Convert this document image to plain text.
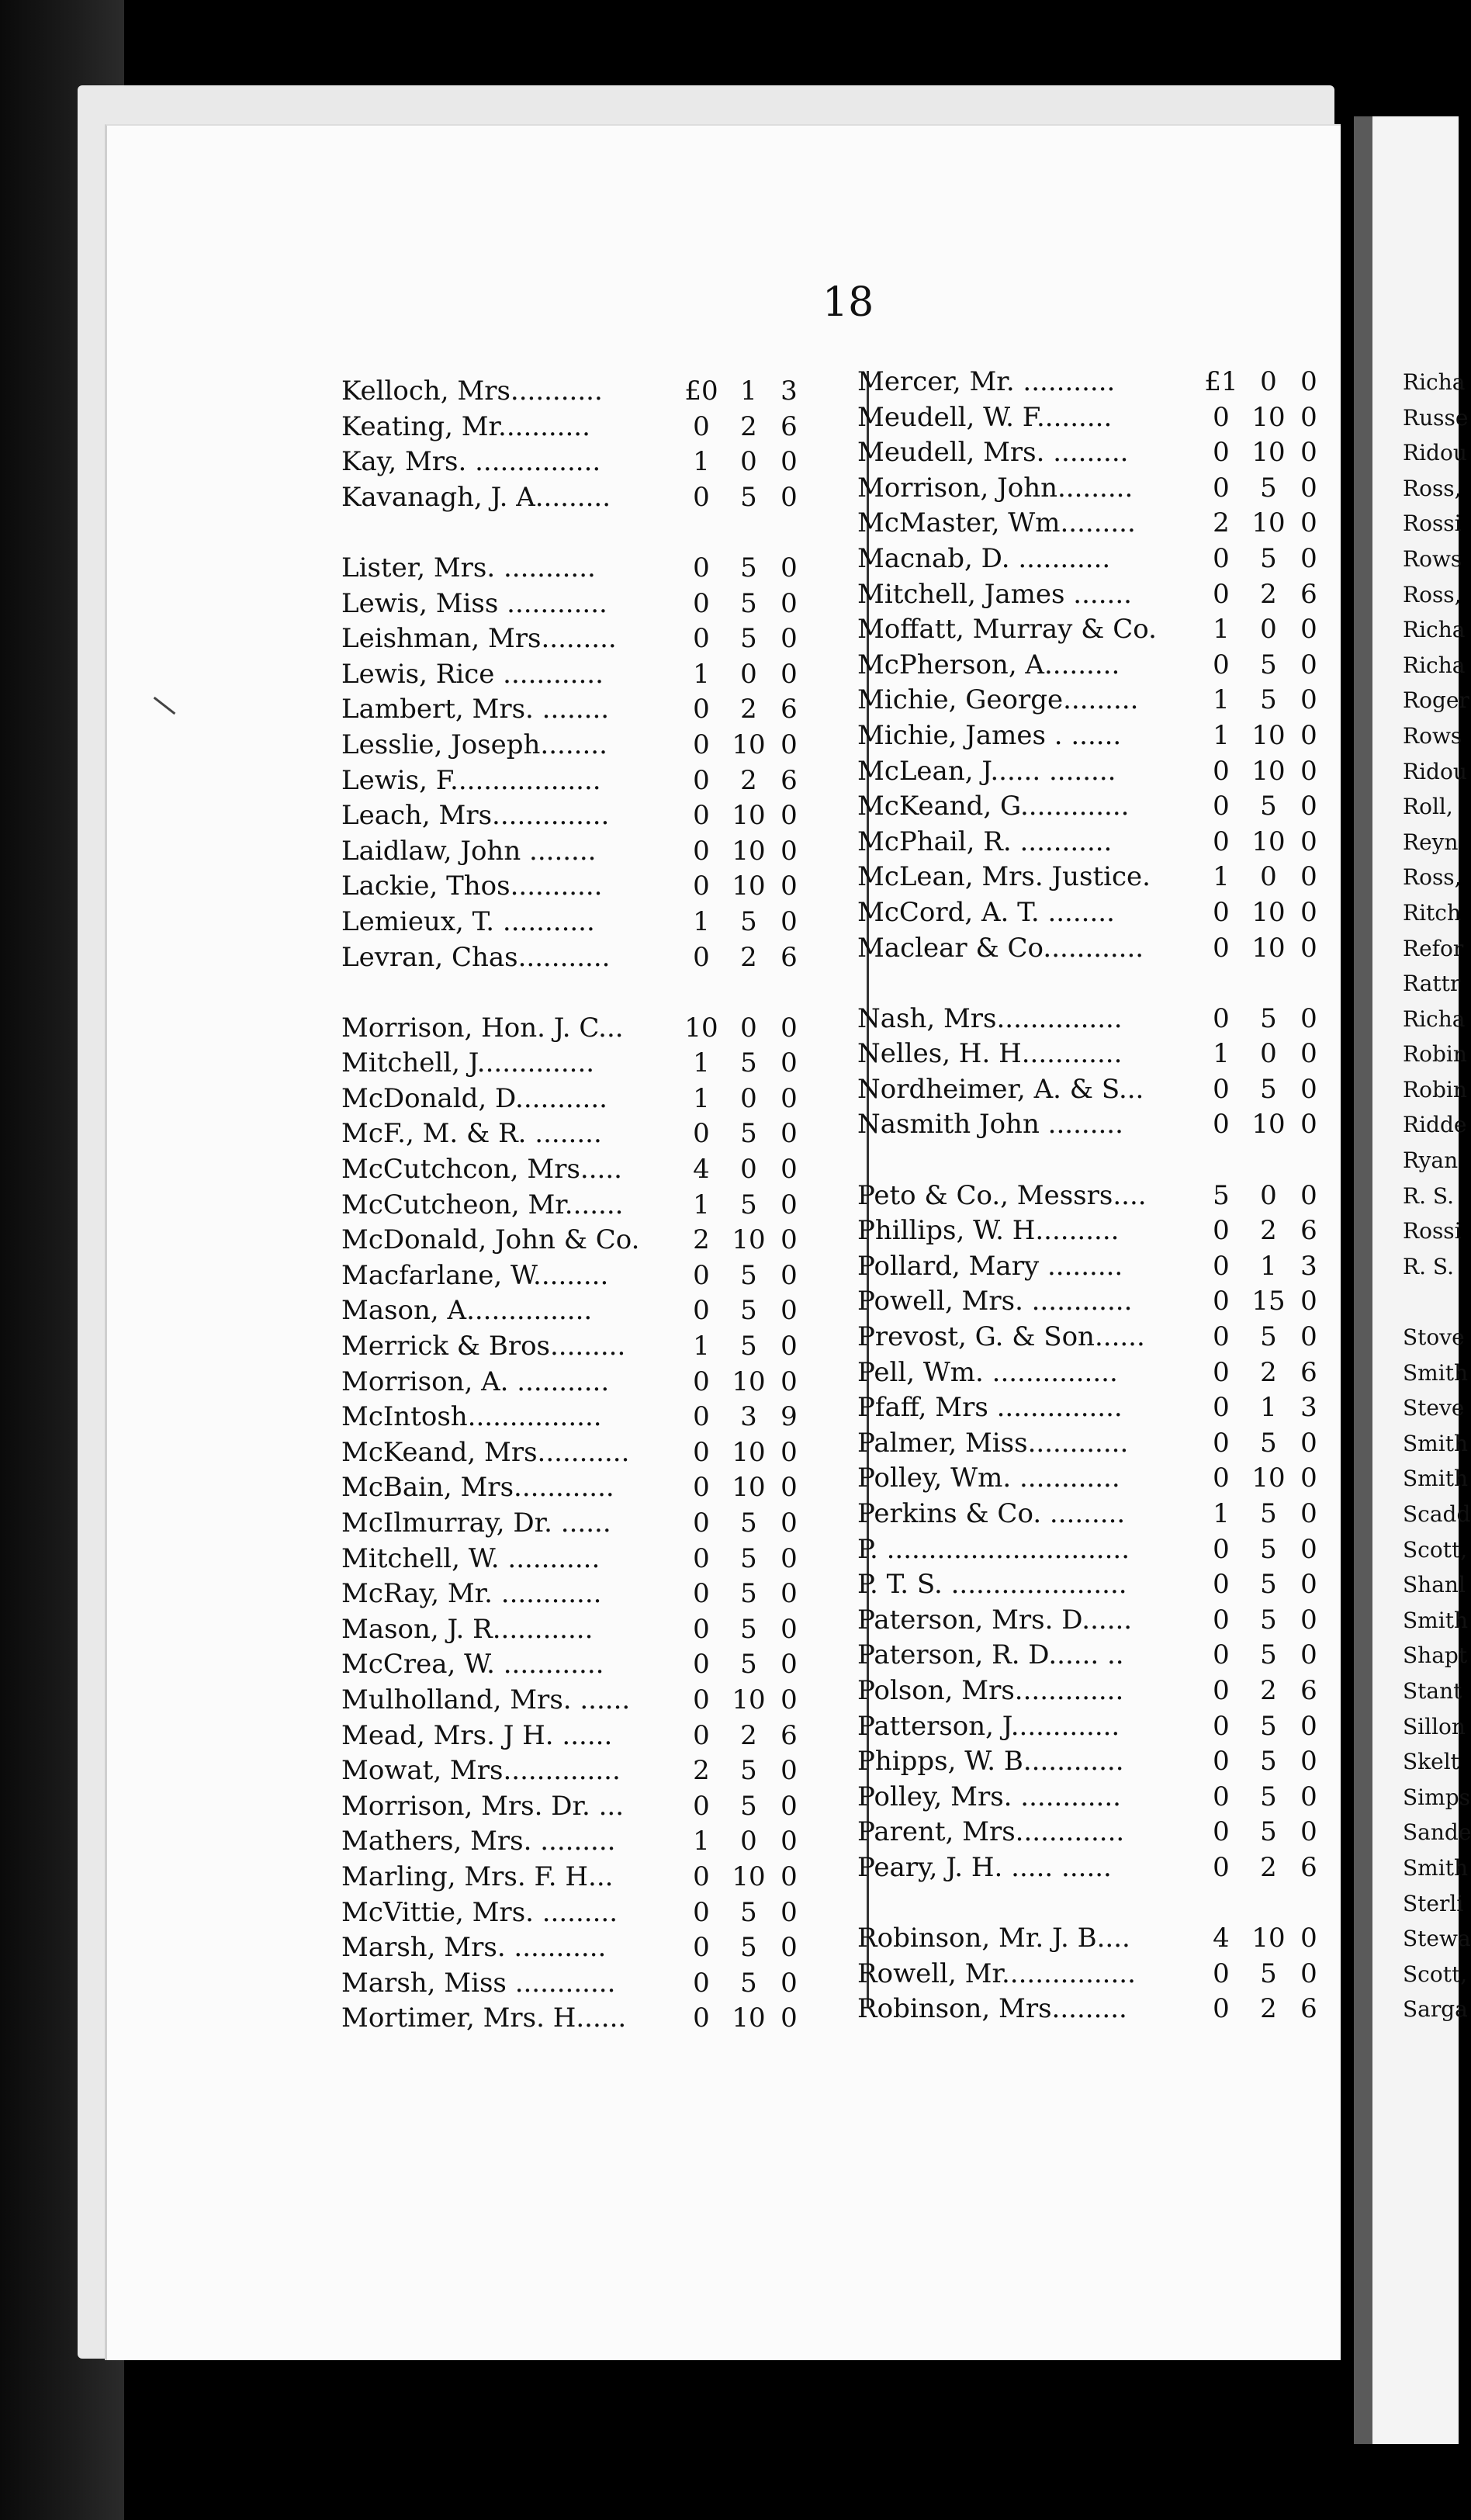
18
Kelloch, Mrs...........	£0 1 3
Keating, Mr...........	0	2 6
Kay, Mrs. ...............	1	0 0
Kavanagh, J. A.........	0	5 0
Lister, Mrs. ...........	0	5 0
Lewis, Miss ............	0	5 0
Leishman, Mrs.........	0	5 0
Lewis, Rice ............	1	0 0
Lambert, Mrs. ........	0	2 6
Lesslie, Joseph........	0 10 0
Lewis, F..................	0	2 6
Leach, Mrs..............	0 10 0
Laidlaw, John ........	0 10 0
Lackie, Thos...........	0 10 0
Lemieux, T. ...........	1	5 0
Levran, Chas...........	0	2 6
Morrison, Hon. J. C...	10 0 0
Mitchell, J..............	1	5 0
McDonald, D...........	1	0 0
McF., M. & R. ........	0	5 0
McCutchcon, Mrs.....	4	0 0
McCutcheon, Mr.......	1	5 0
McDonald, John & Co.	2 10 0
Macfarlane, W.........	0	5 0
Mason, A...............	0	5 0
Merrick & Bros.........	1	5 0
Morrison, A. ...........	0 10 0
McIntosh................	0	3 9
McKeand, Mrs...........	0 10 0
McBain, Mrs............	0 10 0
McIlmurray, Dr. ......	0	5 0
Mitchell, W. ...........	0	5 0
McRay, Mr. ............	0	5 0
Mason, J. R............	0	5 0
McCrea, W. ............	0	5 0
Mulholland, Mrs. ......	0 10 0
Mead, Mrs. J H. ......	0	2 6
Mowat, Mrs..............	2	5 0
Morrison, Mrs. Dr. ...	0	5 0
Mathers, Mrs. .........	1	0 0
Marling, Mrs. F. H...	0 10 0
McVittie, Mrs. .........	0	5 0
Marsh, Mrs. ...........	0	5 0
Marsh, Miss ............	0	5 0
Mortimer, Mrs. H......	0 10 0
Mercer, Mr. ...........	£1 0 0
Meudell, W. F.........	0 10 0
Meudell, Mrs. .........	0 10 0
Morrison, John.........	0	5 0
McMaster, Wm.........	2 10 0
Macnab, D. ...........	0	5 0
Mitchell, James .......	0	2 6
Moffatt, Murray & Co.	1	0 0
McPherson, A.........	0	5 0
Michie, George.........	1	5 0
Michie, James . ......	1 10 0
McLean, J...... ........	0 10 0
McKeand, G.............	0	5 0
McPhail, R. ...........	0 10 0
McLean, Mrs. Justice.	1	0 0
McCord, A. T. ........	0 10 0
Maclear & Co............	0 10 0
Nash, Mrs...............	0	5 0
Nelles, H. H............	1	0 0
Nordheimer, A. & S...	0	5 0
Nasmith John .........	0 10 0
Peto & Co., Messrs....	5	0 0
Phillips, W. H..........	0	2 6
Pollard, Mary .........	0	1 3
Powell, Mrs. ............	0 15 0
Prevost, G. & Son......	0	5 0
Pell, Wm. ...............	0	2 6
Pfaff, Mrs ...............	0	1 3
Palmer, Miss............	0	5 0
Polley, Wm. ............	0 10 0
Perkins & Co. .........	1	5 0
P. .............................	0	5 0
P. T. S. .....................	0	5 0
Paterson, Mrs. D......	0	5 0
Paterson, R. D...... ..	0	5 0
Polson, Mrs.............	0	2 6
Patterson, J.............	0	5 0
Phipps, W. B............	0	5 0
Polley, Mrs. ............	0	5 0
Parent, Mrs.............	0	5 0
Peary, J. H. ..... ......	0	2 6
Robinson, Mr. J. B....	4 10 0
Rowell, Mr................	0	5 0
Robinson, Mrs.........	0	2 6
Richa
Russe
Ridou
Ross,
Rossi
Rows
Ross,
Richa
Richa
Roger
Rows
Ridou
Roll,
Reyn
Ross,
Ritch
Refor
Rattr
Richa
Robin
Robin
Ridde
Ryan
R. S.
Rossi
R. S.
Stove
Smith
Steve
Smith
Smith
Scadd
Scott,
Shanl
Smith
Shapt
Stant
Sillon
Skelt
Simps
Sande
Smith
Sterli
Stewa
Scott,
Sarga
